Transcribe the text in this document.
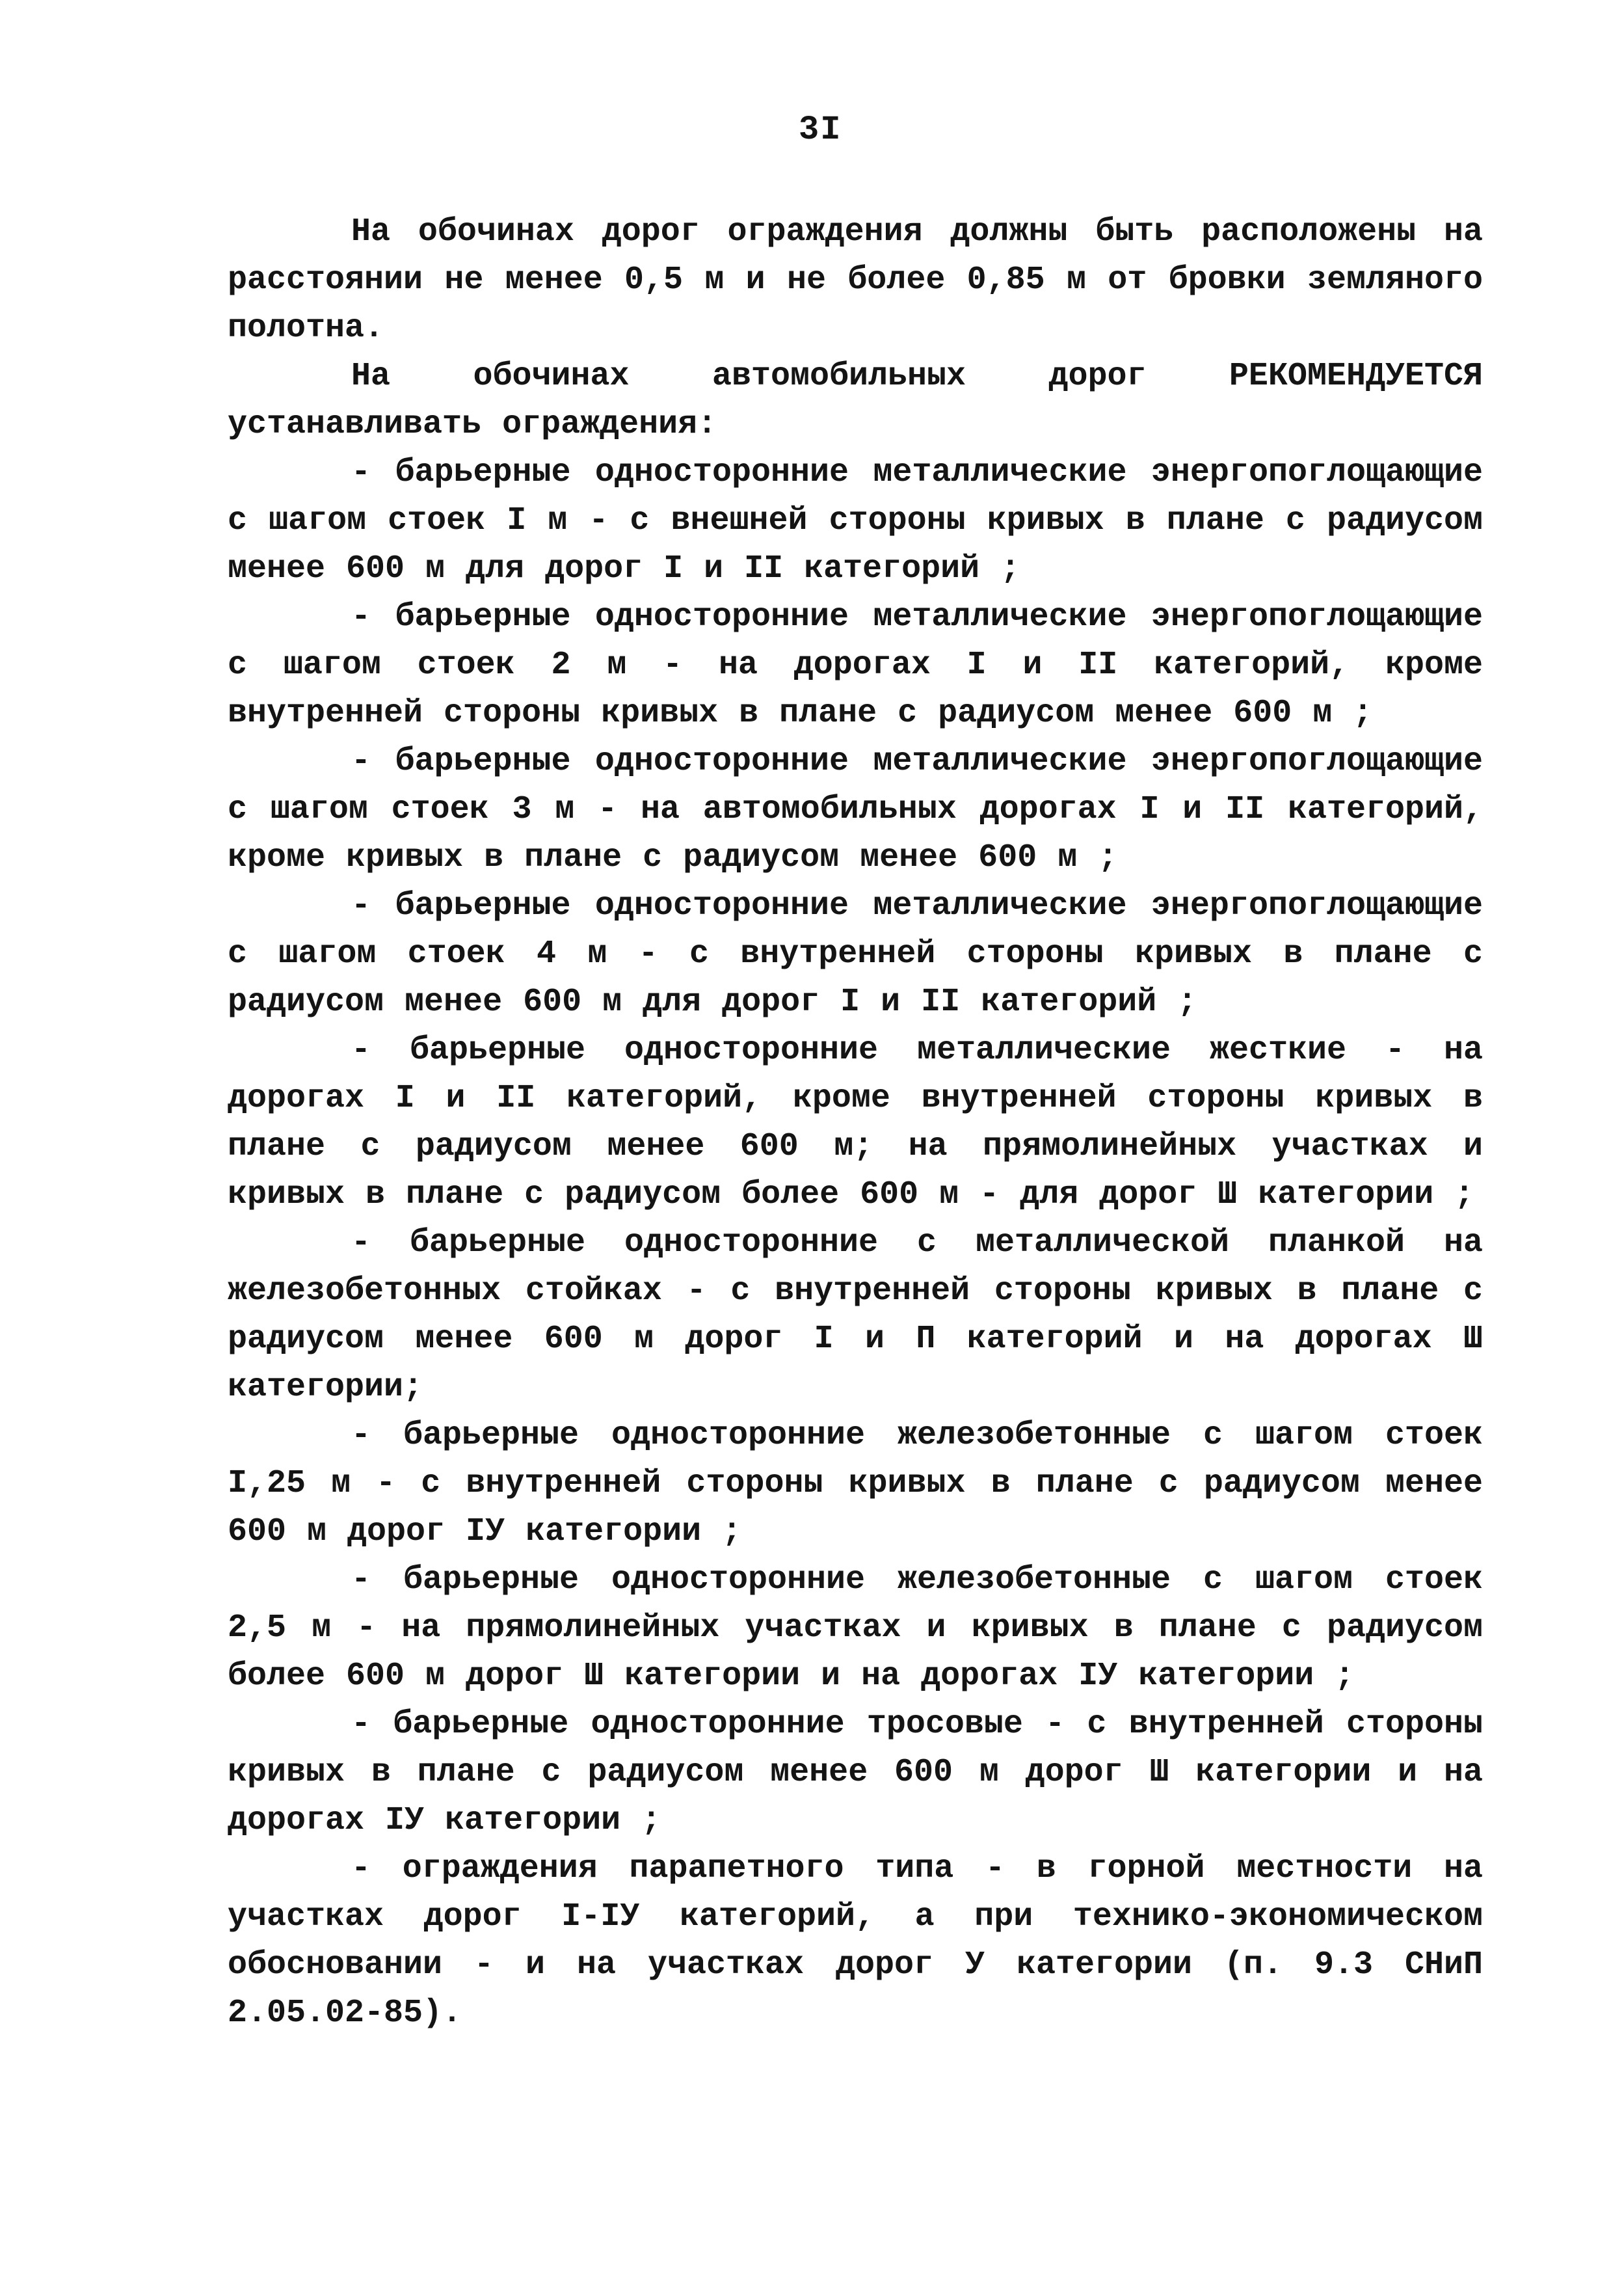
3I

На обочинах дорог ограждения должны быть расположены на расстоянии не менее 0,5 м и не более 0,85 м от бровки земляного полотна.

На обочинах автомобильных дорог РЕКОМЕНДУЕТСЯ устанавливать ограждения:

- барьерные односторонние металлические энергопоглощающие с шагом стоек I м - с внешней стороны кривых в плане с радиусом менее 600 м для дорог I и II категорий ;

- барьерные односторонние металлические энергопоглощающие с шагом стоек 2 м - на дорогах I и II категорий, кроме внутренней стороны кривых в плане с радиусом менее 600 м ;

- барьерные односторонние металлические энергопоглощающие с шагом стоек 3 м - на автомобильных дорогах I и II категорий, кроме кривых в плане с радиусом менее 600 м ;

- барьерные односторонние металлические энергопоглощающие с шагом стоек 4 м - с внутренней стороны кривых в плане с радиусом менее 600 м для дорог I и II категорий ;

- барьерные односторонние металлические жесткие - на дорогах I и II категорий, кроме внутренней стороны кривых в плане с радиусом менее 600 м; на прямолинейных участках и кривых в плане с радиусом более 600 м - для дорог Ш категории ;

- барьерные односторонние с металлической планкой на железобетонных стойках - с внутренней стороны кривых в плане с радиусом менее 600 м дорог I и П категорий и на дорогах Ш категории;

- барьерные односторонние железобетонные с шагом стоек I,25 м - с внутренней стороны кривых в плане с радиусом менее 600 м дорог IУ категории ;

- барьерные односторонние железобетонные с шагом стоек 2,5 м - на прямолинейных участках и кривых в плане с радиусом более 600 м дорог Ш категории и на дорогах IУ категории ;

- барьерные односторонние тросовые - с внутренней стороны кривых в плане с радиусом менее 600 м дорог Ш категории и на дорогах IУ категории ;

- ограждения парапетного типа - в горной местности на участках дорог I-IУ категорий, а при технико-экономическом обосновании - и на участках дорог У категории (п. 9.3 СНиП 2.05.02-85).
